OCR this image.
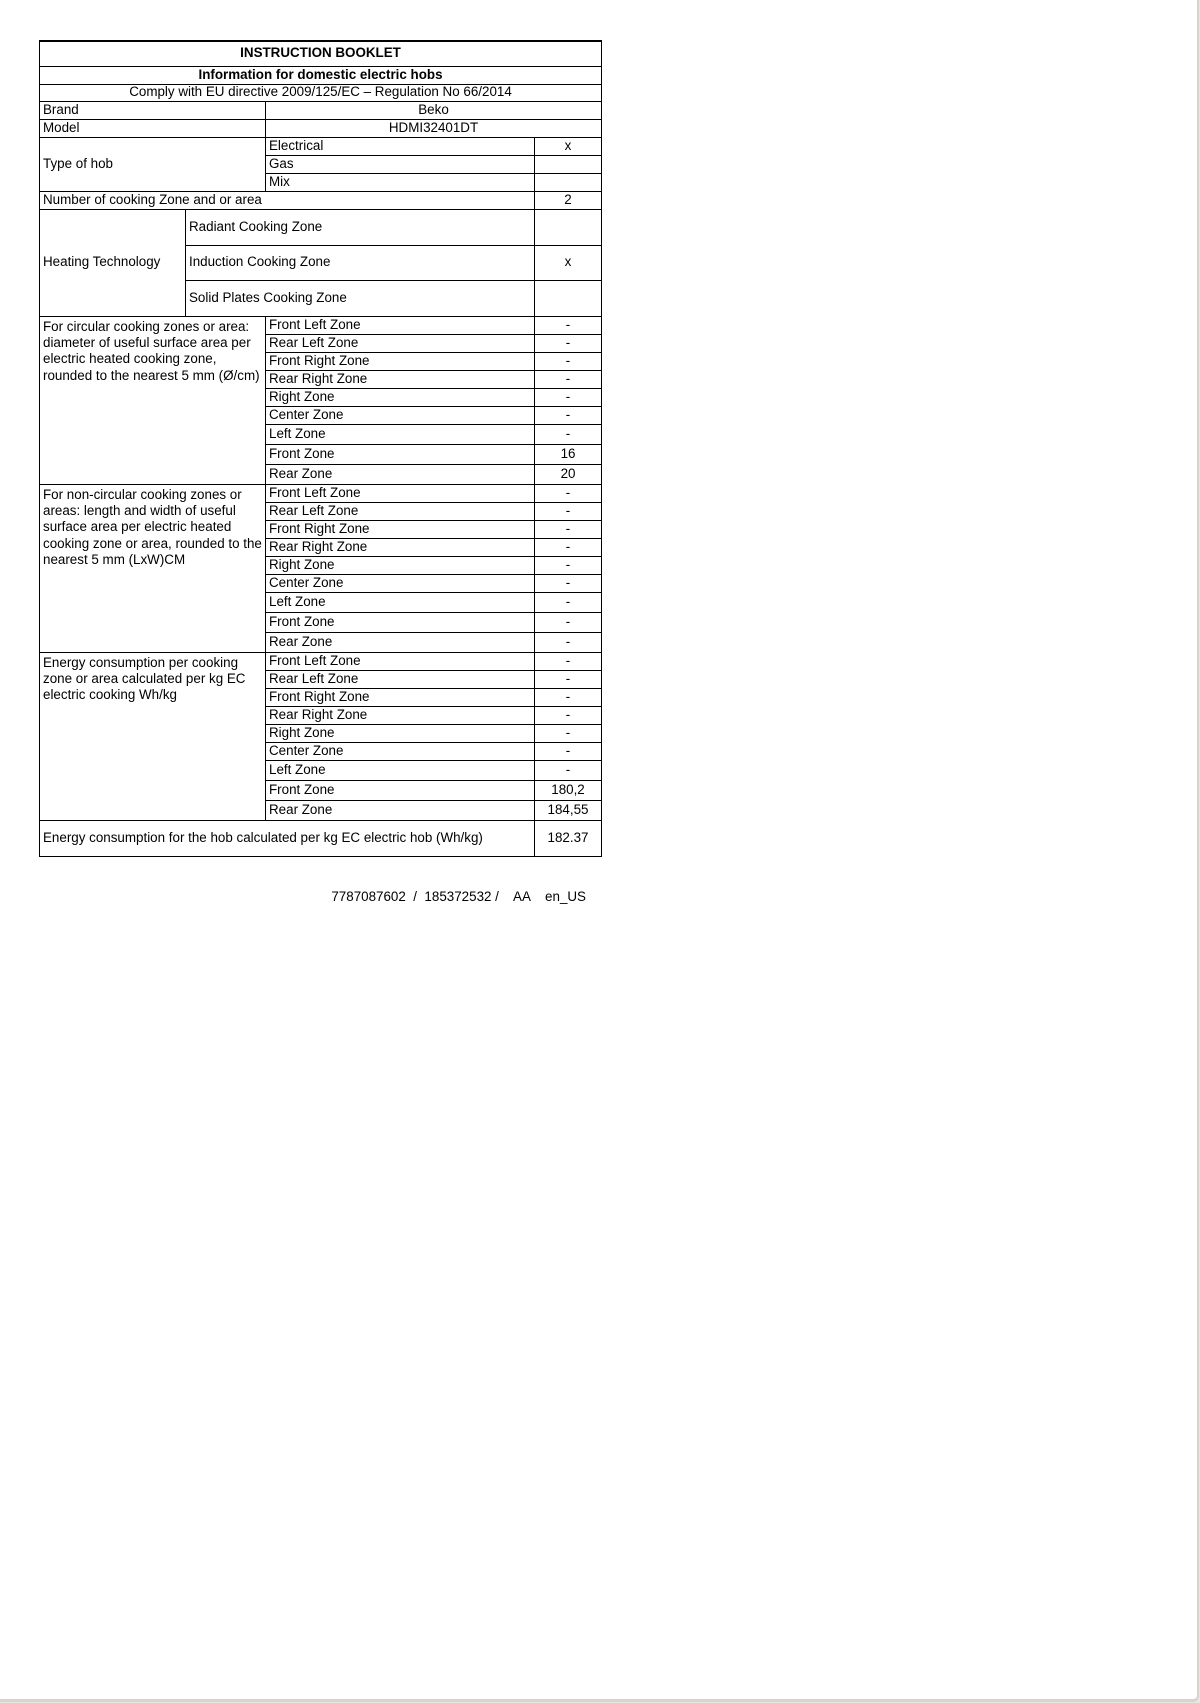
INSTRUCTION BOOKLET			
Information for domestic electric hobs			
Comply with EU directive 2009/125/EC – Regulation No 66/2014			
Brand		Beko	
Model		HDMI32401DT	
Type of hob		Electrical	x
		Gas	
		Mix	
Number of cooking Zone and or area			2
Heating Technology	Radiant Cooking Zone		
	Induction Cooking Zone		x
	Solid Plates Cooking Zone		
For circular cooking zones or area: diameter of useful surface area per electric heated cooking zone, rounded to the nearest 5 mm (Ø/cm)		Front Left Zone	-
		Rear Left Zone	-
		Front Right Zone	-
		Rear Right Zone	-
		Right Zone	-
		Center Zone	-
		Left Zone	-
		Front Zone	16
		Rear Zone	20
For non-circular cooking zones or areas: length and width of useful surface area per electric heated cooking zone or area, rounded to the nearest 5 mm (LxW)CM		Front Left Zone	-
		Rear Left Zone	-
		Front Right Zone	-
		Rear Right Zone	-
		Right Zone	-
		Center Zone	-
		Left Zone	-
		Front Zone	-
		Rear Zone	-
Energy consumption per cooking zone or area calculated per kg EC electric cooking Wh/kg		Front Left Zone	-
		Rear Left Zone	-
		Front Right Zone	-
		Rear Right Zone	-
		Right Zone	-
		Center Zone	-
		Left Zone	-
		Front Zone	180,2
		Rear Zone	184,55
Energy consumption for the hob calculated per kg EC electric hob (Wh/kg)			182.37
7787087602  /  185372532 /    AA    en_US
